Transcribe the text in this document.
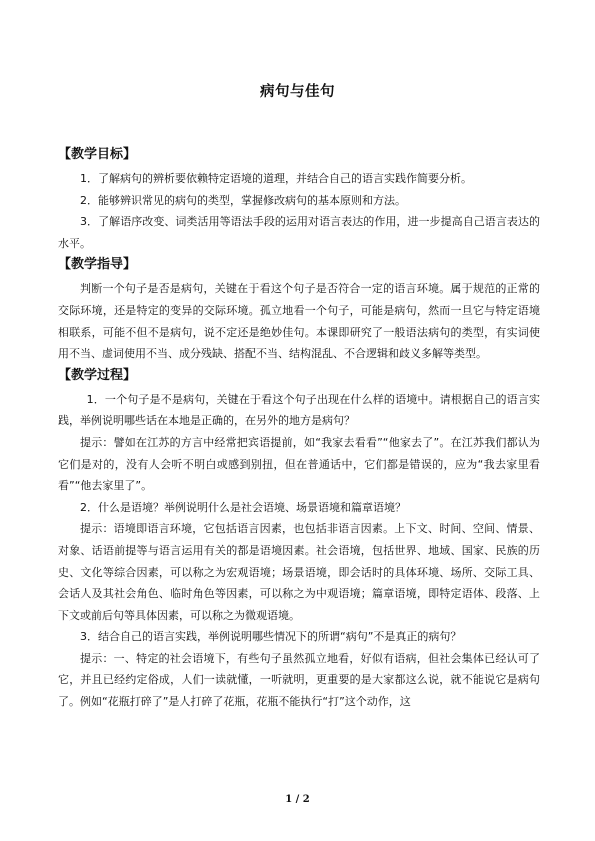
病句与佳句
【教学目标】

1．了解病句的辨析要依赖特定语境的道理，并结合自己的语言实践作简要分析。

2．能够辨识常见的病句的类型，掌握修改病句的基本原则和方法。

3．了解语序改变、词类活用等语法手段的运用对语言表达的作用，进一步提高自己语言表达的水平。

【教学指导】

判断一个句子是否是病句，关键在于看这个句子是否符合一定的语言环境。属于规范的正常的交际环境，还是特定的变异的交际环境。孤立地看一个句子，可能是病句，然而一旦它与特定语境相联系，可能不但不是病句，说不定还是绝妙佳句。本课即研究了一般语法病句的类型，有实词使用不当、虚词使用不当、成分残缺、搭配不当、结构混乱、不合逻辑和歧义多解等类型。

【教学过程】

1．一个句子是不是病句，关键在于看这个句子出现在什么样的语境中。请根据自己的语言实践，举例说明哪些话在本地是正确的，在另外的地方是病句？

提示：譬如在江苏的方言中经常把宾语提前，如“我家去看看”“他家去了”。在江苏我们都认为它们是对的，没有人会听不明白或感到别扭，但在普通话中，它们都是错误的，应为“我去家里看看”“他去家里了”。

2．什么是语境？举例说明什么是社会语境、场景语境和篇章语境？

提示：语境即语言环境，它包括语言因素，也包括非语言因素。上下文、时间、空间、情景、对象、话语前提等与语言运用有关的都是语境因素。社会语境，包括世界、地域、国家、民族的历史、文化等综合因素，可以称之为宏观语境；场景语境，即会话时的具体环境、场所、交际工具、会话人及其社会角色、临时角色等因素，可以称之为中观语境；篇章语境，即特定语体、段落、上下文或前后句等具体因素，可以称之为微观语境。

3．结合自己的语言实践，举例说明哪些情况下的所谓“病句”不是真正的病句？

提示：一、特定的社会语境下，有些句子虽然孤立地看，好似有语病，但社会集体已经认可了它，并且已经约定俗成，人们一读就懂，一听就明，更重要的是大家都这么说，就不能说它是病句了。例如“花瓶打碎了”是人打碎了花瓶，花瓶不能执行“打”这个动作，这

1 / 2
